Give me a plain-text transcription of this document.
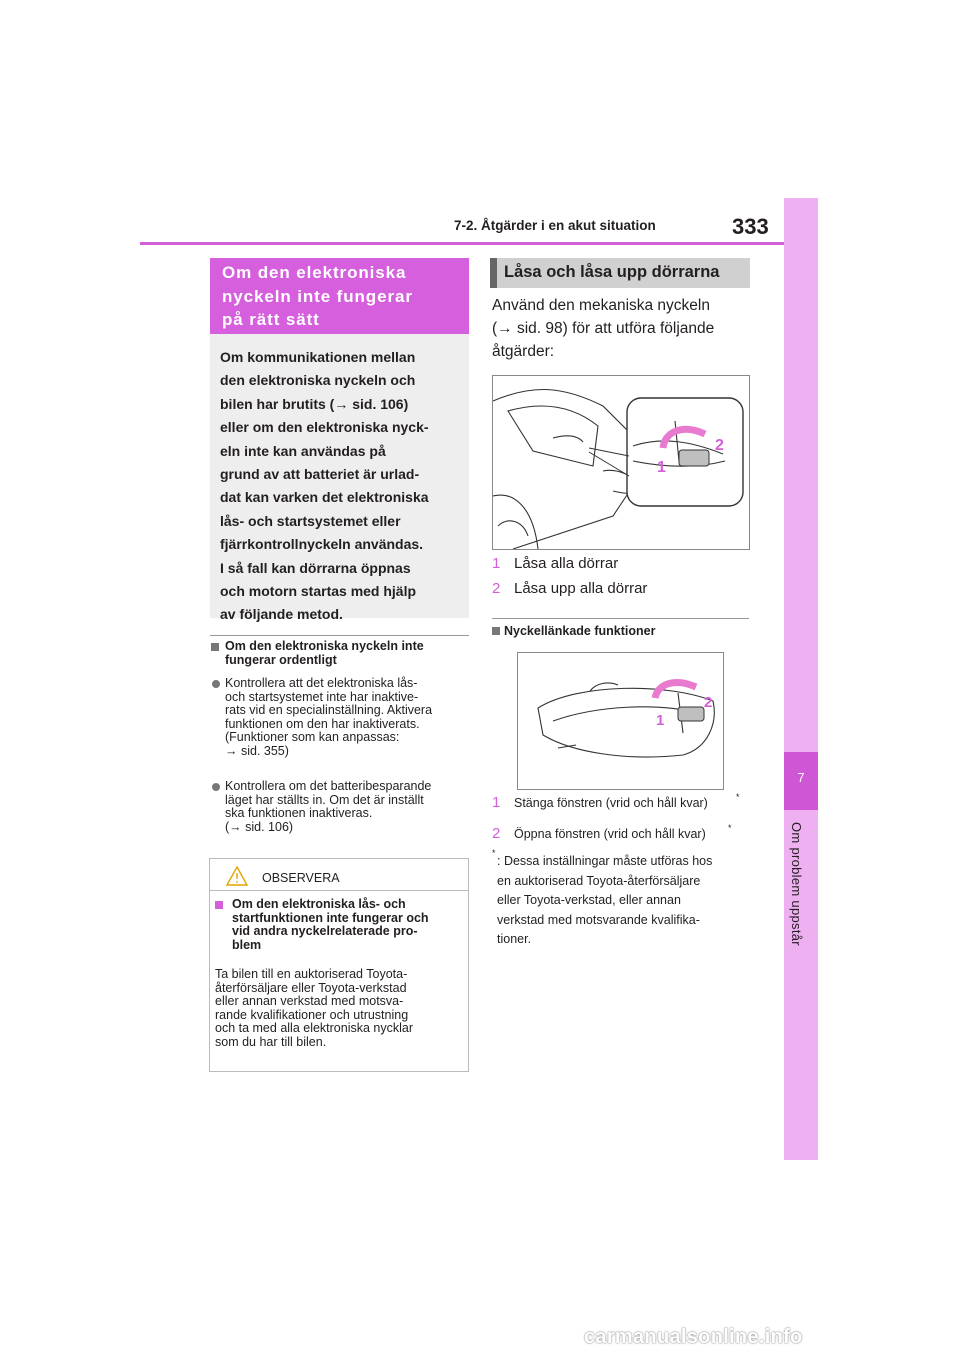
7-2. Åtgärder i en akut situation	333
7
Om problem uppstår
Om den elektroniska
nyckeln inte fungerar
på rätt sätt

Om kommunikationen mellan
den elektroniska nyckeln och
bilen har brutits (→ sid. 106)
eller om den elektroniska nyck-
eln inte kan användas på
grund av att batteriet är urlad-
dat kan varken det elektroniska
lås- och startsystemet eller
fjärrkontrollnyckeln användas.
I så fall kan dörrarna öppnas
och motorn startas med hjälp
av följande metod.

Om den elektroniska nyckeln inte
fungerar ordentligt
Kontrollera att det elektroniska lås-
och startsystemet inte har inaktive-
rats vid en specialinställning. Aktivera
funktionen om den har inaktiverats.
(Funktioner som kan anpassas:
→ sid. 355)
Kontrollera om det batteribesparande
läget har ställts in. Om det är inställt
ska funktionen inaktiveras.
(→ sid. 106)
OBSERVERA
Om den elektroniska lås- och
startfunktionen inte fungerar och
vid andra nyckelrelaterade pro-
blem
Ta bilen till en auktoriserad Toyota-
återförsäljare eller Toyota-verkstad
eller annan verkstad med motsva-
rande kvalifikationer och utrustning
och ta med alla elektroniska nycklar
som du har till bilen.
Låsa och låsa upp dörrarna
Använd den mekaniska nyckeln
(→ sid. 98) för att utföra följande
åtgärder:
1
2
1 Låsa alla dörrar
2 Låsa upp alla dörrar
Nyckellänkade funktioner
1
2
1 Stänga fönstren (vrid och håll kvar)	*
2 Öppna fönstren (vrid och håll kvar) *
*
: Dessa inställningar måste utföras hos
en auktoriserad Toyota-återförsäljare
eller Toyota-verkstad, eller annan
verkstad med motsvarande kvalifika-
tioner.
carmanualsonline.info
